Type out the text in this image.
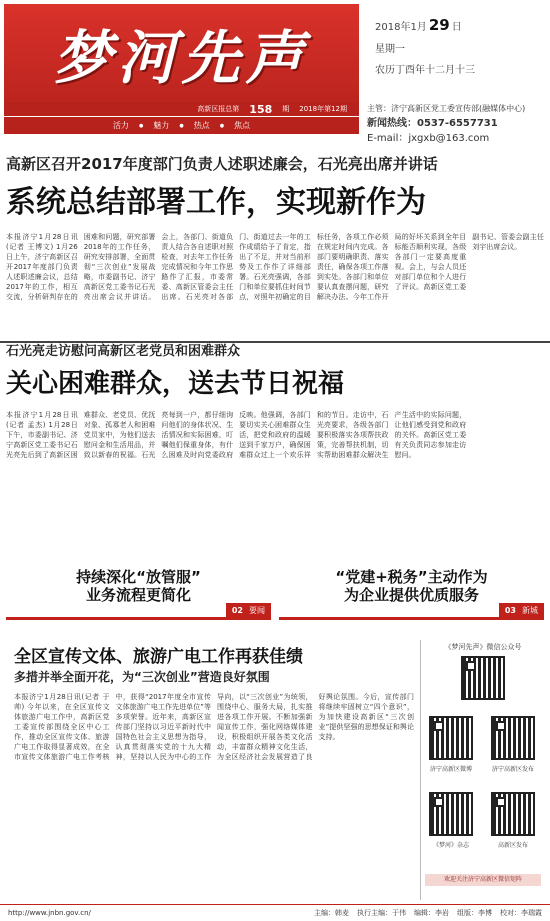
梦河先声
高新区报总第 158 期 2018年第12期
活力 ● 魅力 ● 热点 ● 焦点
2018年1月 29 日
星期一
农历丁酉年十二月十三
主管：济宁高新区党工委宣传部(融媒体中心)
新闻热线：0537-6557731
E-mail：jxgxb@163.com
高新区召开2017年度部门负责人述职述廉会，石光亮出席并讲话
系统总结部署工作，实现新作为
本报济宁1月28日讯(记者 王博文) 1月26日上午，济宁高新区召开2017年度部门负责人述职述廉会议，总结2017年的工作，相互交流，分析研判存在的困难和问题，研究部署2018年的工作任务，研究安排部署，全面贯彻“三次创业”发展战略，市委副书记、济宁高新区党工委书记石光亮出席会议并讲话。 会上，各部门、街道负责人结合各自述职对照检查，对去年工作任务完成情况和今年工作思路作了汇报，市委常委、高新区管委会主任出席。石光亮对各部门、街道过去一年的工作成绩给予了肯定，指出了不足，并对当前形势及工作作了详细部署。石光亮强调，各部门和单位要抓住时间节点，对照年初确定的目标任务，各项工作必须在规定时间内完成。各部门要明确职责、落实责任，确保各项工作落到实处。各部门和单位要认真查摆问题，研究解决办法。今年工作开局的好坏关系到全年目标能否顺利实现，各级各部门一定要高度重视。会上，与会人员还对部门单位和个人进行了评议。高新区党工委副书记、管委会副主任刘宇出席会议。
石光亮走访慰问高新区老党员和困难群众
关心困难群众，送去节日祝福
本报济宁1月28日讯(记者 孟杰) 1月28日下午，市委副书记、济宁高新区党工委书记石光亮先后到了高新区困难群众、老党员、优抚对象、孤寡老人和困难党员家中，为他们送去慰问金和生活用品，并致以新春的祝福。石光亮每到一户，都仔细询问他们的身体状况、生活情况和实际困难，叮嘱他们保重身体，有什么困难及时向党委政府反映。他强调，各部门要切实关心困难群众生活，把党和政府的温暖送到千家万户，确保困难群众过上一个欢乐祥和的节日。走访中，石光亮要求，各级各部门要积极落实各项帮扶政策，完善帮扶机制，切实帮助困难群众解决生产生活中的实际问题，让他们感受到党和政府的关怀。高新区党工委有关负责同志参加走访慰问。
持续深化“放管服”
业务流程更简化
02 要闻
“党建+税务”主动作为
为企业提供优质服务
03 新城
全区宣传文体、旅游广电工作再获佳绩
多措并举全面开花，为“三次创业”营造良好氛围
本报济宁1月28日讯(记者 于帅) 今年以来，在全区宣传文体旅游广电工作中，高新区党工委宣传部围绕全区中心工作，推动全区宣传文体、旅游广电工作取得显著成效，在全市宣传文体旅游广电工作考核中，获得“2017年度全市宣传文体旅游广电工作先进单位”等多项荣誉。近年来，高新区宣传部门坚持以习近平新时代中国特色社会主义思想为指导，认真贯彻落实党的十九大精神，坚持以人民为中心的工作导向，以“三次创业”为统领，围绕中心、服务大局，扎实推进各项工作开展。不断加强新闻宣传工作，强化网络媒体建设，积极组织开展各类文化活动，丰富群众精神文化生活，为全区经济社会发展营造了良好舆论氛围。今后，宣传部门将继续牢固树立“四个意识”，为加快建设高新区“三次创业”提供坚强的思想保证和舆论支持。
《梦河先声》微信公众号
济宁高新区微博	济宁高新区发布
《梦河》杂志	高新区发布
欢迎关注济宁高新区微信矩阵
http://www.jnbn.gov.cn/	主编：韩麦 执行主编：于伟 编辑：李岩 组版：李博 校对：李瑞霞
